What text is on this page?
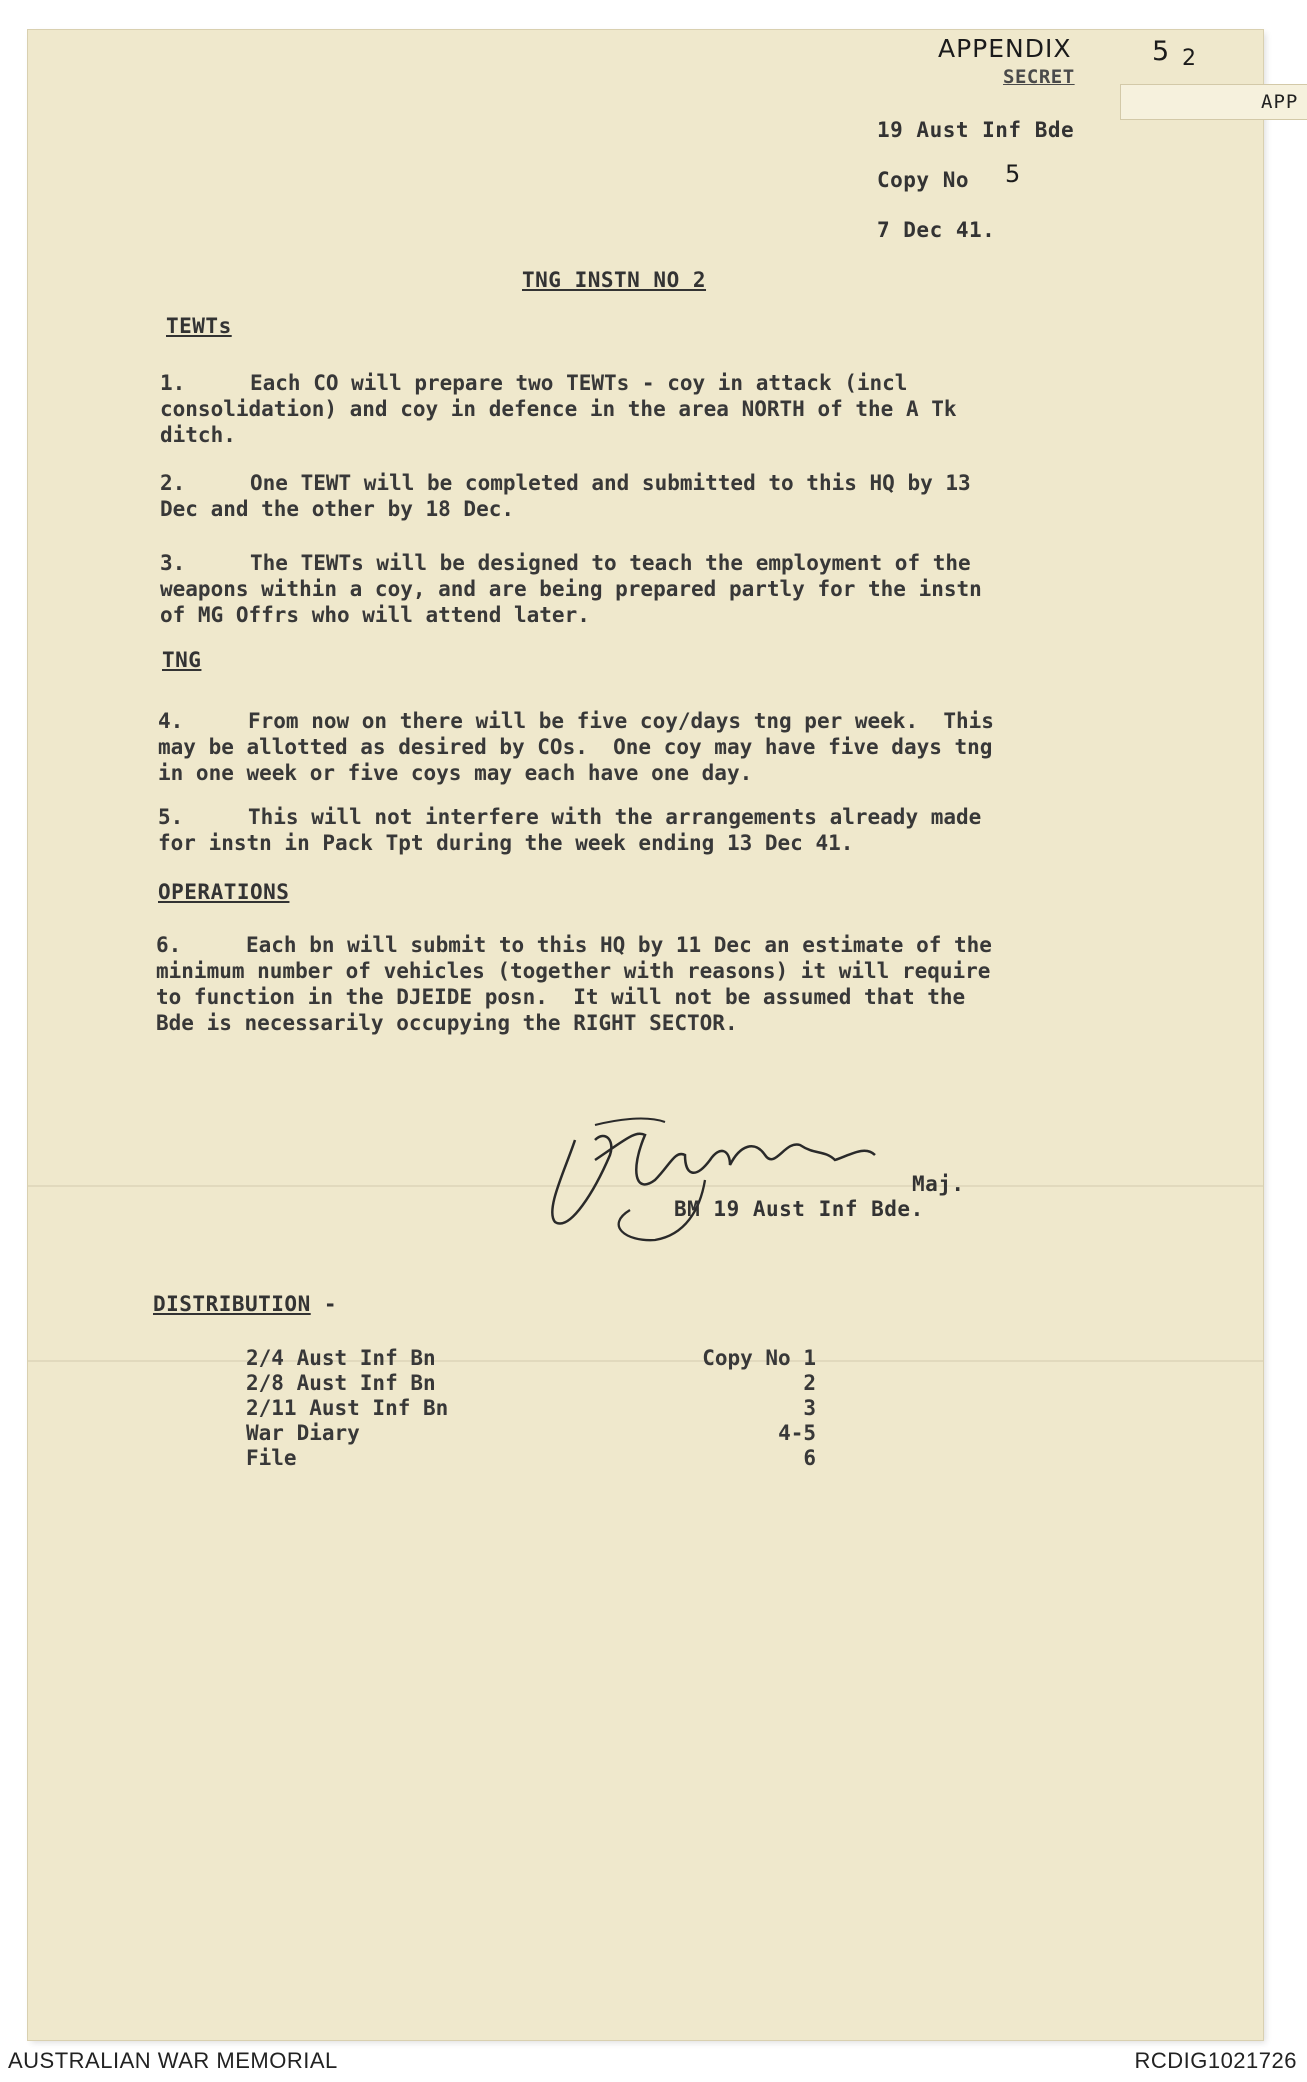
APP
APPENDIX	5 2
SECRET
19 Aust Inf Bde
Copy No 5
7 Dec 41.
TNG INSTN NO 2
TEWTs
1.	Each CO will prepare two TEWTs - coy in attack (incl
consolidation) and coy in defence in the area NORTH of the A Tk
ditch.
2.	One TEWT will be completed and submitted to this HQ by 13
Dec and the other by 18 Dec.
3.	The TEWTs will be designed to teach the employment of the
weapons within a coy, and are being prepared partly for the instn
of MG Offrs who will attend later.
TNG
4.	From now on there will be five coy/days tng per week.  This
may be allotted as desired by COs.  One coy may have five days tng
in one week or five coys may each have one day.
5.	This will not interfere with the arrangements already made
for instn in Pack Tpt during the week ending 13 Dec 41.
OPERATIONS
6.	Each bn will submit to this HQ by 11 Dec an estimate of the
minimum number of vehicles (together with reasons) it will require
to function in the DJEIDE posn.  It will not be assumed that the
Bde is necessarily occupying the RIGHT SECTOR.
Maj.
BM 19 Aust Inf Bde.
DISTRIBUTION -
2/4 Aust Inf Bn	Copy No 1
2/8 Aust Inf Bn	2
2/11 Aust Inf Bn	3
War Diary	4-5
File	6
AUSTRALIAN WAR MEMORIAL	RCDIG1021726
